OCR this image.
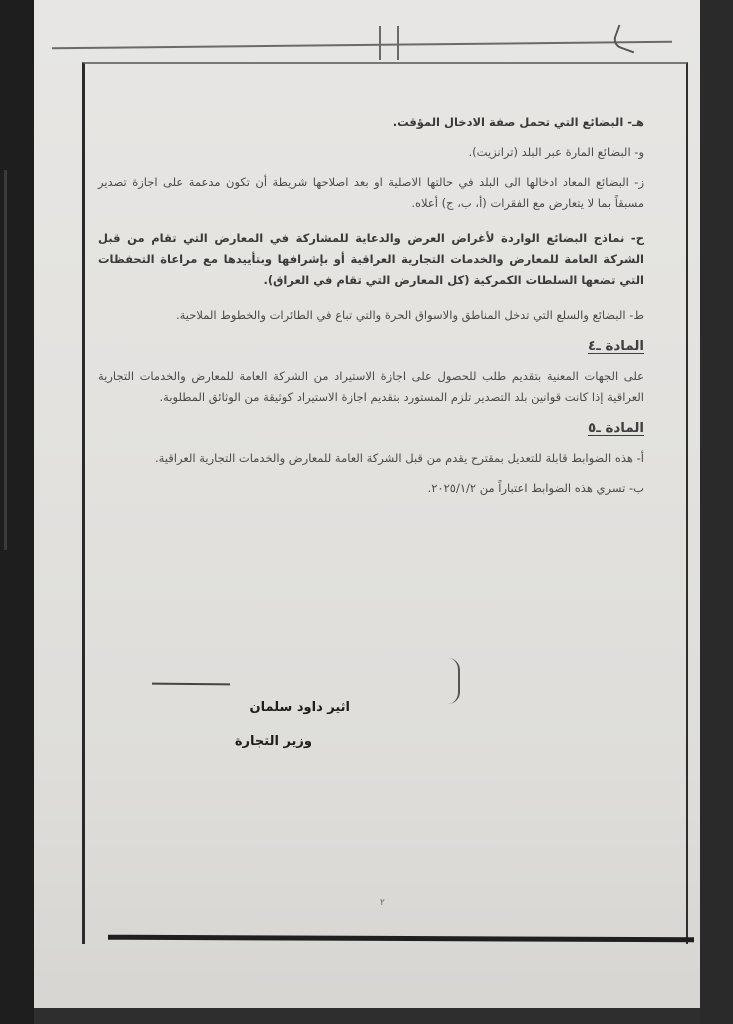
هـ- البضائع التي تحمل صفة الادخال المؤقت.

و- البضائع المارة عبر البلد (ترانزيت).

ز- البضائع المعاد ادخالها الى البلد في حالتها الاصلية او بعد اصلاحها شريطة أن تكون مدعمة على اجازة تصدير مسبقاً بما لا يتعارض مع الفقرات (أ، ب، ج) أعلاه.

ح- نماذج البضائع الواردة لأغراض العرض والدعاية للمشاركة في المعارض التي تقام من قبل الشركة العامة للمعارض والخدمات التجارية العراقية أو بإشرافها وبتأييدها مع مراعاة التحفظات التي تضعها السلطات الكمركية (كل المعارض التي تقام في العراق).

ط- البضائع والسلع التي تدخل المناطق والاسواق الحرة والتي تباع في الطائرات والخطوط الملاحية.

المادة ـ٤

على الجهات المعنية بتقديم طلب للحصول على اجازة الاستيراد من الشركة العامة للمعارض والخدمات التجارية العراقية إذا كانت قوانين بلد التصدير تلزم المستورد بتقديم اجازة الاستيراد كوثيقة من الوثائق المطلوبة.

المادة ـ٥

أ- هذه الضوابط قابلة للتعديل بمقترح يقدم من قبل الشركة العامة للمعارض والخدمات التجارية العراقية.

ب- تسري هذه الضوابط اعتباراً من ٢٠٢٥/١/٢.

اثير داود سلمان
وزير التجارة
٢
